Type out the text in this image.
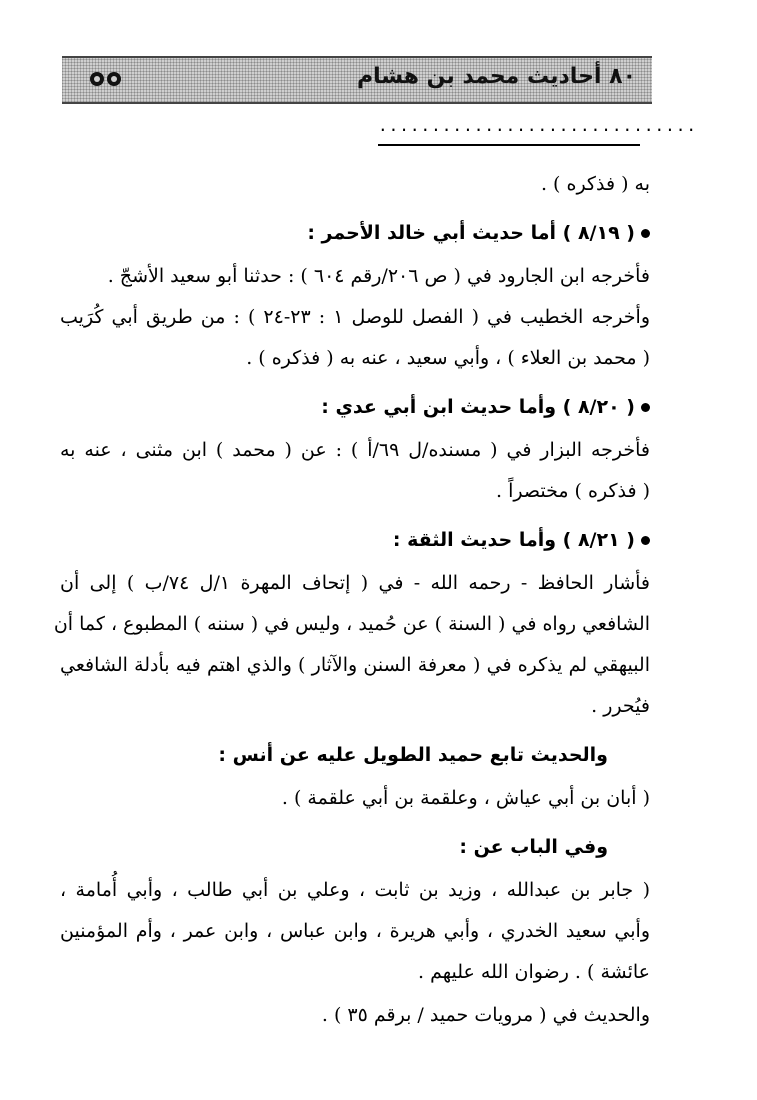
٨٠ أحاديث محمد بن هشام
..............................

به ( فذكره ) .

( ٨/١٩ ) أما حديث أبي خالد الأحمر :

فأخرجه ابن الجارود في ( ص ٢٠٦/رقم ٦٠٤ ) : حدثنا أبو سعيد الأشجّ .

وأخرجه الخطيب في ( الفصل للوصل ١ : ٢٣-٢٤ ) : من طريق أبي كُرَيب

( محمد بن العلاء ) ، وأبي سعيد ، عنه به ( فذكره ) .

( ٨/٢٠ ) وأما حديث ابن أبي عدي :

فأخرجه البزار في ( مسنده/ل ٦٩/أ ) : عن ( محمد ) ابن مثنى ، عنه به

( فذكره ) مختصراً .

( ٨/٢١ ) وأما حديث الثقة :

فأشار الحافظ - رحمه الله - في ( إتحاف المهرة ١/ل ٧٤/ب ) إلى أن

الشافعي رواه في ( السنة ) عن حُميد ، وليس في ( سننه ) المطبوع ، كما أن

البيهقي لم يذكره في ( معرفة السنن والآثار ) والذي اهتم فيه بأدلة الشافعي

فيُحرر .

والحديث تابع حميد الطويل عليه عن أنس :

( أبان بن أبي عياش ، وعلقمة بن أبي علقمة ) .

وفي الباب عن :

( جابر بن عبدالله ، وزيد بن ثابت ، وعلي بن أبي طالب ، وأبي أُمامة ،

وأبي سعيد الخدري ، وأبي هريرة ، وابن عباس ، وابن عمر ، وأم المؤمنين

عائشة ) . رضوان الله عليهم .

والحديث في ( مرويات حميد / برقم ٣٥ ) .
